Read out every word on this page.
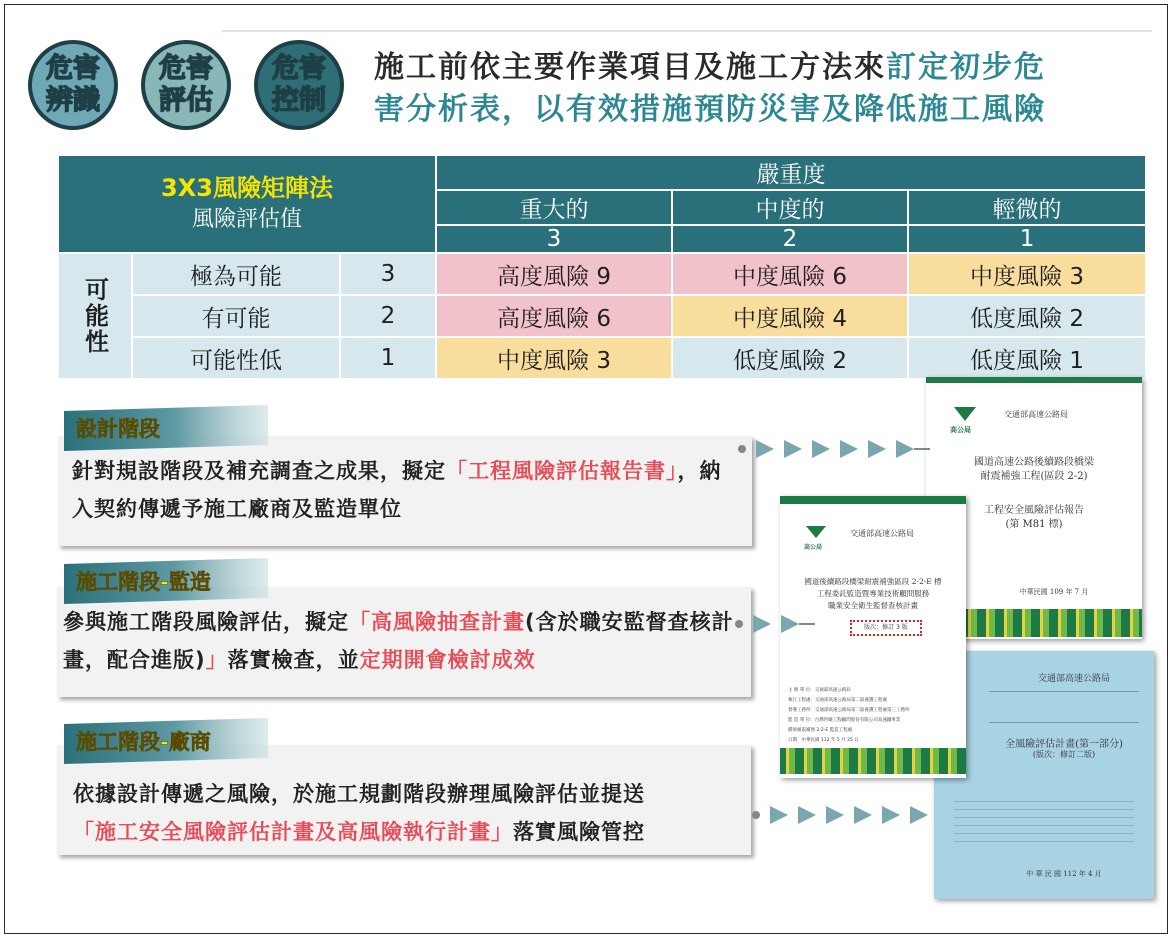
危害
辨識
危害
評估
危害
控制
施工前依主要作業項目及施工方法來訂定初步危
害分析表，以有效措施預防災害及降低施工風險
3X3風險矩陣法
風險評估值			嚴重度		
			重大的	中度的	輕微的
			3	2	1

可能性	極為可能	3	高度風險 9	中度風險 6	中度風險 3
	有可能	2	高度風險 6	中度風險 4	低度風險 2
	可能性低	1	中度風險 3	低度風險 2	低度風險 1
高公局
交通部高速公路局
國道高速公路後續路段橋梁
耐震補強工程(區段 2-2)
工程安全風險評估報告
(第 M81 標)
中華民國 109 年 7 月
交通部高速公路局
全風險評估計畫(第一部分)
(版次：修訂二版)
中 華 民 國 112 年 4 月
高公局
交通部高速公路局
國道後續路段橋梁耐震補強區段 2-2-E 標
工程委託監造暨專業技術顧問服務
職業安全衛生監督查核計畫
版次：修訂 3 版
主 辦 單 位：交通部高速公路局
執行工程處：交通部高速公路局第二區養護工程處
督導工務所：交通部高速公路局第二區養護工程處第三工務所
監 造 單 位：台灣世曦工程顧問股份有限公司高速鐵事業
橋梁耐震補強 2-2-E 監造工程處
日期：中華民國 112 年 5 月 25 日
針對規設階段及補充調查之成果，擬定「工程風險評估報告書」，納入契約傳遞予施工廠商及監造單位
設計階段
參與施工階段風險評估，擬定「高風險抽查計畫(含於職安監督查核計畫，配合進版)」落實檢查，並定期開會檢討成效
施工階段-監造
依據設計傳遞之風險，於施工規劃階段辦理風險評估並提送
「施工安全風險評估計畫及高風險執行計畫」落實風險管控
施工階段-廠商
